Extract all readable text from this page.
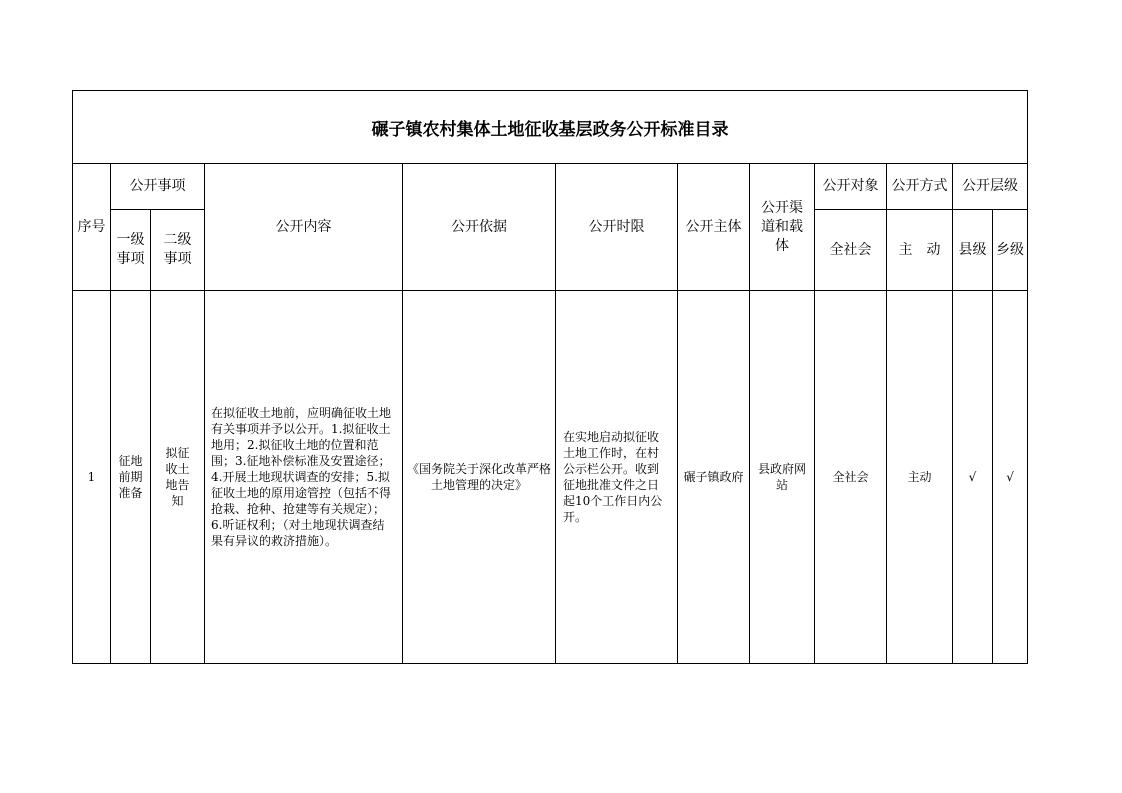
碾子镇农村集体土地征收基层政务公开标准目录											
序号	公开事项		公开内容	公开依据	公开时限	公开主体	公开渠道和载体	公开对象	公开方式	公开层级	

	一级事项	二级事项						全社会	主　动	县级	乡级
1	征地前期准备	拟征收土地告知	在拟征收土地前，应明确征收土地有关事项并予以公开。1.拟征收土地用；2.拟征收土地的位置和范围；3.征地补偿标准及安置途径；4.开展土地现状调查的安排；5.拟征收土地的原用途管控（包括不得抢栽、抢种、抢建等有关规定）；6.听证权利；（对土地现状调查结果有异议的救济措施）。	《国务院关于深化改革严格土地管理的决定》	在实地启动拟征收土地工作时，在村公示栏公开。收到征地批准文件之日起10个工作日内公开。	碾子镇政府	县政府网站	全社会	主动	√	√
